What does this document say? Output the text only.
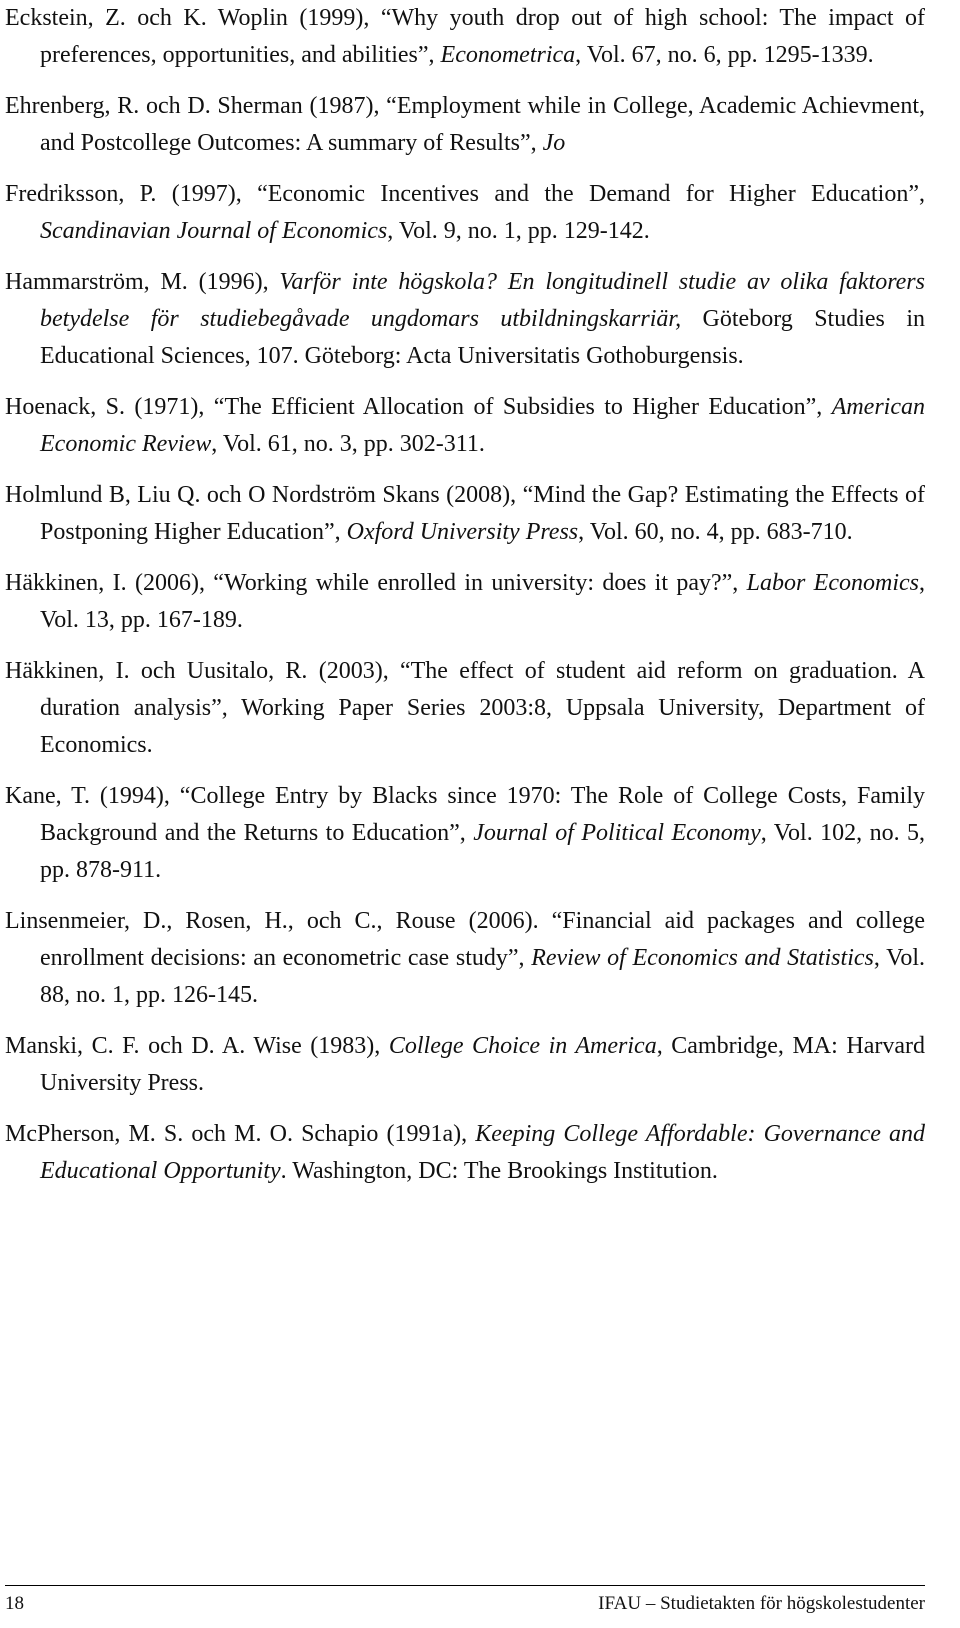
Eckstein, Z. och K. Woplin (1999), “Why youth drop out of high school: The impact of preferences, opportunities, and abilities”, Econometrica, Vol. 67, no. 6, pp. 1295-1339.

Ehrenberg, R. och D. Sherman (1987), “Employment while in College, Academic Achievment, and Postcollege Outcomes: A summary of Results”, Jo

Fredriksson, P. (1997), “Economic Incentives and the Demand for Higher Education”, Scandinavian Journal of Economics, Vol. 9, no. 1, pp. 129-142.

Hammarström, M. (1996), Varför inte högskola? En longitudinell studie av olika faktorers betydelse för studiebegåvade ungdomars utbildningskarriär, Göteborg Studies in Educational Sciences, 107. Göteborg: Acta Universitatis Gothoburgensis.

Hoenack, S. (1971), “The Efficient Allocation of Subsidies to Higher Education”, American Economic Review, Vol. 61, no. 3, pp. 302-311.

Holmlund B, Liu Q. och O Nordström Skans (2008), “Mind the Gap? Estimating the Effects of Postponing Higher Education”, Oxford University Press, Vol. 60, no. 4, pp. 683-710.

Häkkinen, I. (2006), “Working while enrolled in university: does it pay?”, Labor Economics, Vol. 13, pp. 167-189.

Häkkinen, I. och Uusitalo, R. (2003), “The effect of student aid reform on graduation. A duration analysis”, Working Paper Series 2003:8, Uppsala University, Department of Economics.

Kane, T. (1994), “College Entry by Blacks since 1970: The Role of College Costs, Family Background and the Returns to Education”, Journal of Political Economy, Vol. 102, no. 5, pp. 878-911.

Linsenmeier, D., Rosen, H., och C., Rouse (2006). “Financial aid packages and college enrollment decisions: an econometric case study”, Review of Economics and Statistics, Vol. 88, no. 1, pp. 126-145.

Manski, C. F. och D. A. Wise (1983), College Choice in America, Cambridge, MA: Harvard University Press.

McPherson, M. S. och M. O. Schapio (1991a), Keeping College Affordable: Governance and Educational Opportunity. Washington, DC: The Brookings Institution.

18	IFAU – Studietakten för högskolestudenter
